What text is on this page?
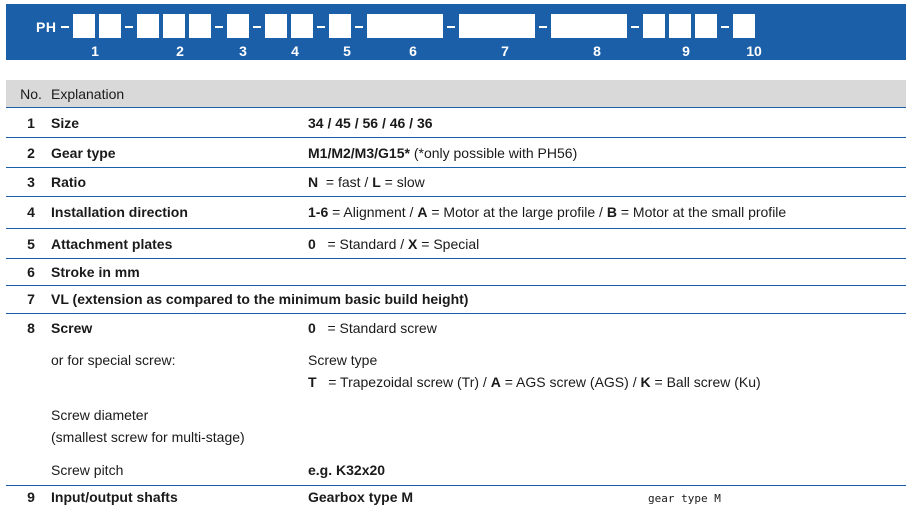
PH
1	2	3	4	5	6	7	8	9	10
No. Explanation
1	Size	34 / 45 / 56 / 46 / 36
2	Gear type	M1/M2/M3/G15* (*only possible with PH56)
3	Ratio	N  = fast / L = slow
4	Installation direction	1-6 = Alignment / A = Motor at the large profile / B = Motor at the small profile
5	Attachment plates	0   = Standard / X = Special
6	Stroke in mm
7	VL (extension as compared to the minimum basic build height)
8	Screw	0   = Standard screw
or for special screw:	Screw type
T   = Trapezoidal screw (Tr) / A = AGS screw (AGS) / K = Ball screw (Ku)
Screw diameter
(smallest screw for multi-stage)
Screw pitch	e.g. K32x20
9	Input/output shafts	Gearbox type M	gear type M
